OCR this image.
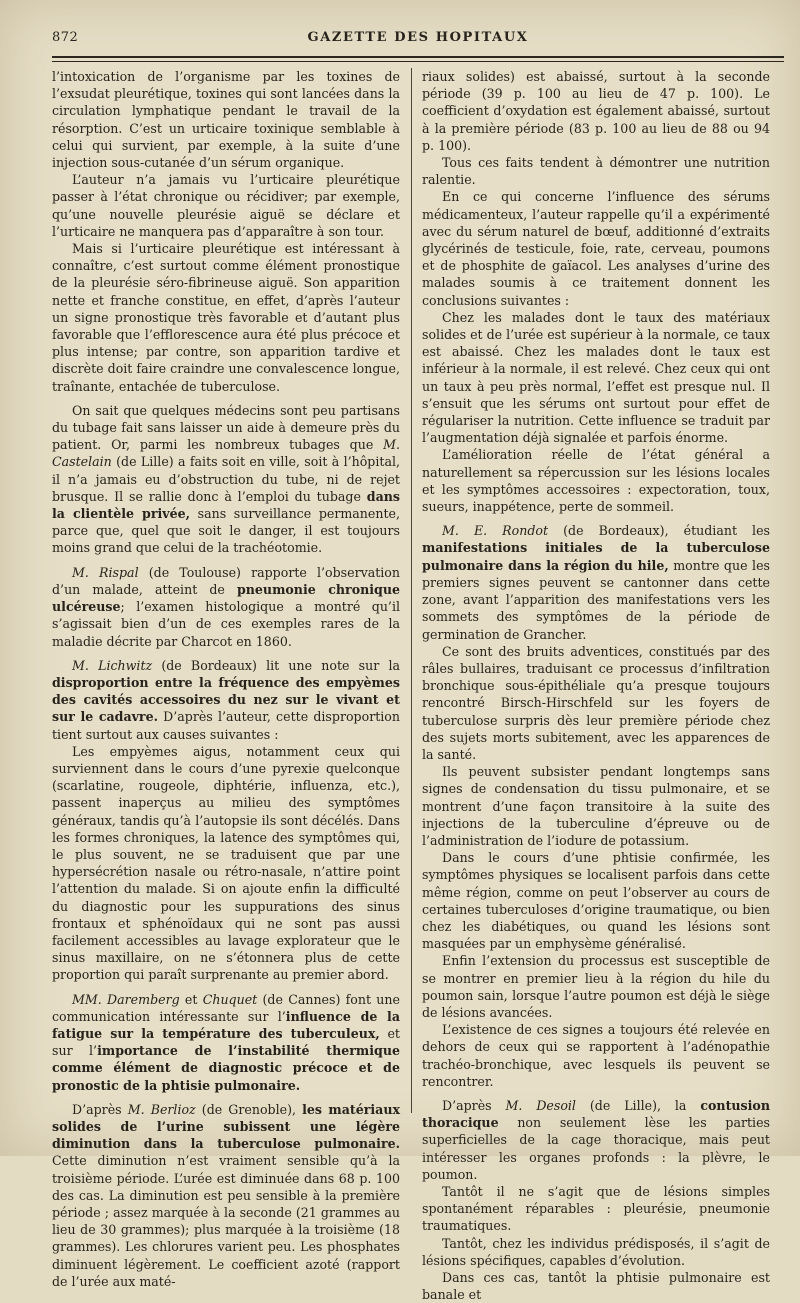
872	GAZETTE DES HOPITAUX

l’intoxication de l’organisme par les toxines de l’exsudat pleurétique, toxines qui sont lancées dans la circulation lymphatique pendant le travail de la résorption. C’est un urticaire toxinique semblable à celui qui survient, par exemple, à la suite d’une injection sous-cutanée d’un sérum organique.

L’auteur n’a jamais vu l’urticaire pleurétique passer à l’état chronique ou récidiver; par exemple, qu’une nouvelle pleurésie aiguë se déclare et l’urticaire ne manquera pas d’apparaître à son tour.

Mais si l’urticaire pleurétique est intéressant à connaître, c’est surtout comme élément pronostique de la pleurésie séro-fibrineuse aiguë. Son apparition nette et franche constitue, en effet, d’après l’auteur un signe pronostique très favorable et d’autant plus favorable que l’efflorescence aura été plus précoce et plus intense; par contre, son apparition tardive et discrète doit faire craindre une convalescence longue, traînante, entachée de tuberculose.

On sait que quelques médecins sont peu partisans du tubage fait sans laisser un aide à demeure près du patient. Or, parmi les nombreux tubages que M. Castelain (de Lille) a faits soit en ville, soit à l’hôpital, il n’a jamais eu d’obstruction du tube, ni de rejet brusque. Il se rallie donc à l’emploi du tubage dans la clientèle privée, sans surveillance permanente, parce que, quel que soit le danger, il est toujours moins grand que celui de la trachéotomie.

M. Rispal (de Toulouse) rapporte l’observation d’un malade, atteint de pneumonie chronique ulcéreuse; l’examen histologique a montré qu’il s’agissait bien d’un de ces exemples rares de la maladie décrite par Charcot en 1860.

M. Lichwitz (de Bordeaux) lit une note sur la disproportion entre la fréquence des empyèmes des cavités accessoires du nez sur le vivant et sur le cadavre. D’après l’auteur, cette disproportion tient surtout aux causes suivantes :

Les empyèmes aigus, notamment ceux qui surviennent dans le cours d’une pyrexie quelconque (scarlatine, rougeole, diphtérie, influenza, etc.), passent inaperçus au milieu des symptômes généraux, tandis qu’à l’autopsie ils sont décélés. Dans les formes chroniques, la latence des symptômes qui, le plus souvent, ne se traduisent que par une hypersécrétion nasale ou rétro-nasale, n’attire point l’attention du malade. Si on ajoute enfin la difficulté du diagnostic pour les suppurations des sinus frontaux et sphénoïdaux qui ne sont pas aussi facilement accessibles au lavage explorateur que le sinus maxillaire, on ne s’étonnera plus de cette proportion qui paraît surprenante au premier abord.

MM. Daremberg et Chuquet (de Cannes) font une communication intéressante sur l’influence de la fatigue sur la température des tuberculeux, et sur l’importance de l’instabilité thermique comme élément de diagnostic précoce et de pronostic de la phtisie pulmonaire.

D’après M. Berlioz (de Grenoble), les matériaux solides de l’urine subissent une légère diminution dans la tuberculose pulmonaire. Cette diminution n’est vraiment sensible qu’à la troisième période. L’urée est diminuée dans 68 p. 100 des cas. La diminution est peu sensible à la première période ; assez marquée à la seconde (21 grammes au lieu de 30 grammes); plus marquée à la troisième (18 grammes). Les chlorures varient peu. Les phosphates diminuent légèrement. Le coefficient azoté (rapport de l’urée aux maté-

riaux solides) est abaissé, surtout à la seconde période (39 p. 100 au lieu de 47 p. 100). Le coefficient d’oxydation est également abaissé, surtout à la première période (83 p. 100 au lieu de 88 ou 94 p. 100).

Tous ces faits tendent à démontrer une nutrition ralentie.

En ce qui concerne l’influence des sérums médicamenteux, l’auteur rappelle qu’il a expérimenté avec du sérum naturel de bœuf, additionné d’extraits glycérinés de testicule, foie, rate, cerveau, poumons et de phosphite de gaïacol. Les analyses d’urine des malades soumis à ce traitement donnent les conclusions suivantes :

Chez les malades dont le taux des matériaux solides et de l’urée est supérieur à la normale, ce taux est abaissé. Chez les malades dont le taux est inférieur à la normale, il est relevé. Chez ceux qui ont un taux à peu près normal, l’effet est presque nul. Il s’ensuit que les sérums ont surtout pour effet de régulariser la nutrition. Cette influence se traduit par l’augmentation déjà signalée et parfois énorme.

L’amélioration réelle de l’état général a naturellement sa répercussion sur les lésions locales et les symptômes accessoires : expectoration, toux, sueurs, inappétence, perte de sommeil.

M. E. Rondot (de Bordeaux), étudiant les manifestations initiales de la tuberculose pulmonaire dans la région du hile, montre que les premiers signes peuvent se cantonner dans cette zone, avant l’apparition des manifestations vers les sommets des symptômes de la période de germination de Grancher.

Ce sont des bruits adventices, constitués par des râles bullaires, traduisant ce processus d’infiltration bronchique sous-épithéliale qu’a presque toujours rencontré Birsch-Hirschfeld sur les foyers de tuberculose surpris dès leur première période chez des sujets morts subitement, avec les apparences de la santé.

Ils peuvent subsister pendant longtemps sans signes de condensation du tissu pulmonaire, et se montrent d’une façon transitoire à la suite des injections de la tuberculine d’épreuve ou de l’administration de l’iodure de potassium.

Dans le cours d’une phtisie confirmée, les symptômes physiques se localisent parfois dans cette même région, comme on peut l’observer au cours de certaines tuberculoses d’origine traumatique, ou bien chez les diabétiques, ou quand les lésions sont masquées par un emphysème généralisé.

Enfin l’extension du processus est susceptible de se montrer en premier lieu à la région du hile du poumon sain, lorsque l’autre poumon est déjà le siège de lésions avancées.

L’existence de ces signes a toujours été relevée en dehors de ceux qui se rapportent à l’adénopathie trachéo-bronchique, avec lesquels ils peuvent se rencontrer.

D’après M. Desoil (de Lille), la contusion thoracique non seulement lèse les parties superficielles de la cage thoracique, mais peut intéresser les organes profonds : la plèvre, le poumon.

Tantôt il ne s’agit que de lésions simples spontanément réparables : pleurésie, pneumonie traumatiques.

Tantôt, chez les individus prédisposés, il s’agit de lésions spécifiques, capables d’évolution.

Dans ces cas, tantôt la phtisie pulmonaire est banale et
